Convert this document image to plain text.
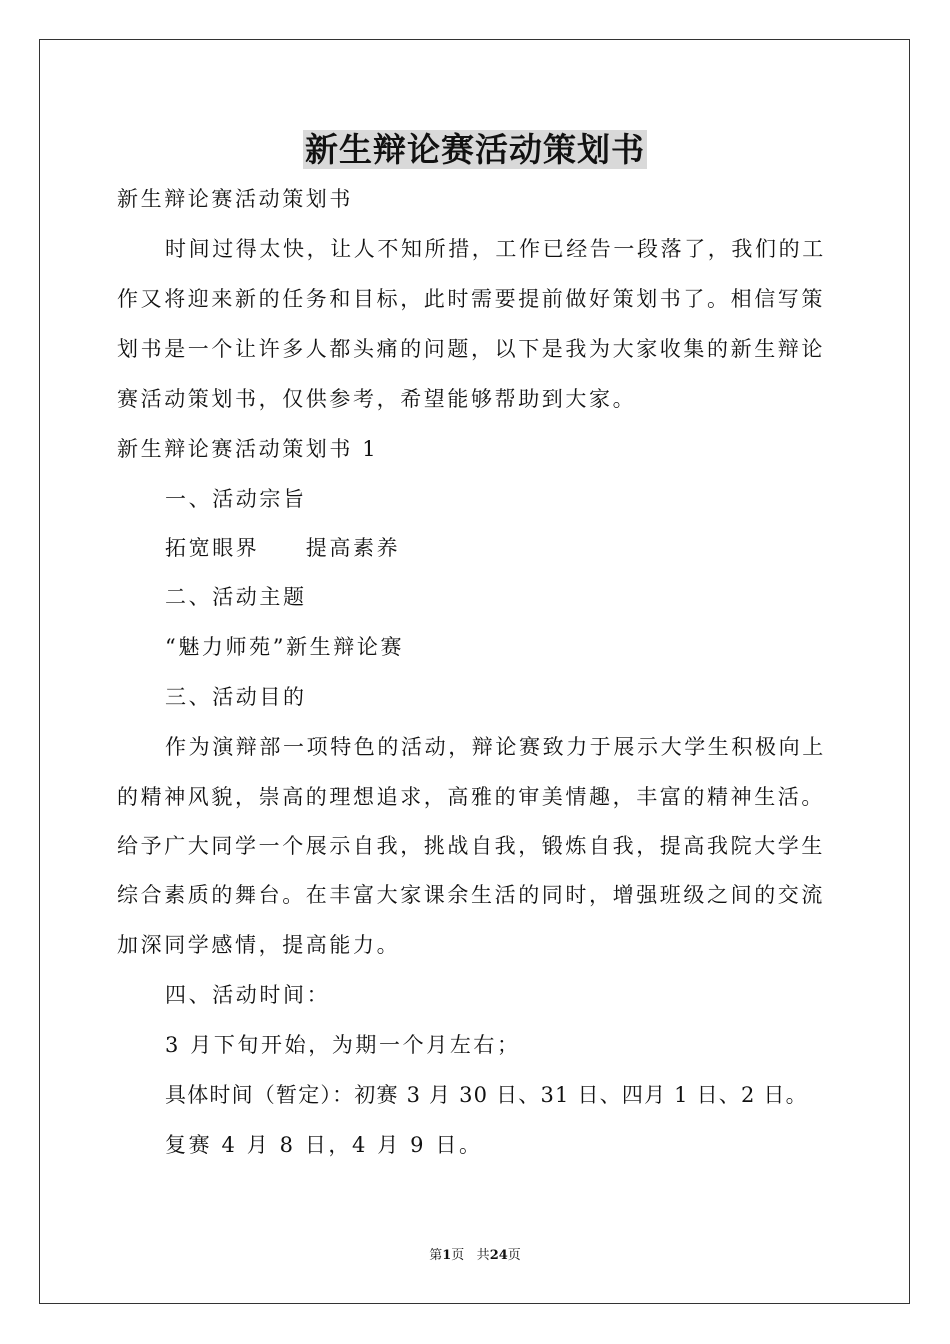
新生辩论赛活动策划书
新生辩论赛活动策划书
时间过得太快，让人不知所措，工作已经告一段落了，我们的工
作又将迎来新的任务和目标，此时需要提前做好策划书了。相信写策
划书是一个让许多人都头痛的问题，以下是我为大家收集的新生辩论
赛活动策划书，仅供参考，希望能够帮助到大家。
新生辩论赛活动策划书 1
一、活动宗旨
拓宽眼界     提高素养
二、活动主题
“魅力师苑”新生辩论赛
三、活动目的
作为演辩部一项特色的活动，辩论赛致力于展示大学生积极向上
的精神风貌，崇高的理想追求，高雅的审美情趣，丰富的精神生活。
给予广大同学一个展示自我，挑战自我，锻炼自我，提高我院大学生
综合素质的舞台。在丰富大家课余生活的同时，增强班级之间的交流
加深同学感情，提高能力。
四、活动时间：
3 月下旬开始，为期一个月左右；
具体时间（暂定）：初赛 3 月 30 日、31 日、四月 1 日、2 日。
复赛 4 月 8 日，4 月 9 日。
第1页 共24页
